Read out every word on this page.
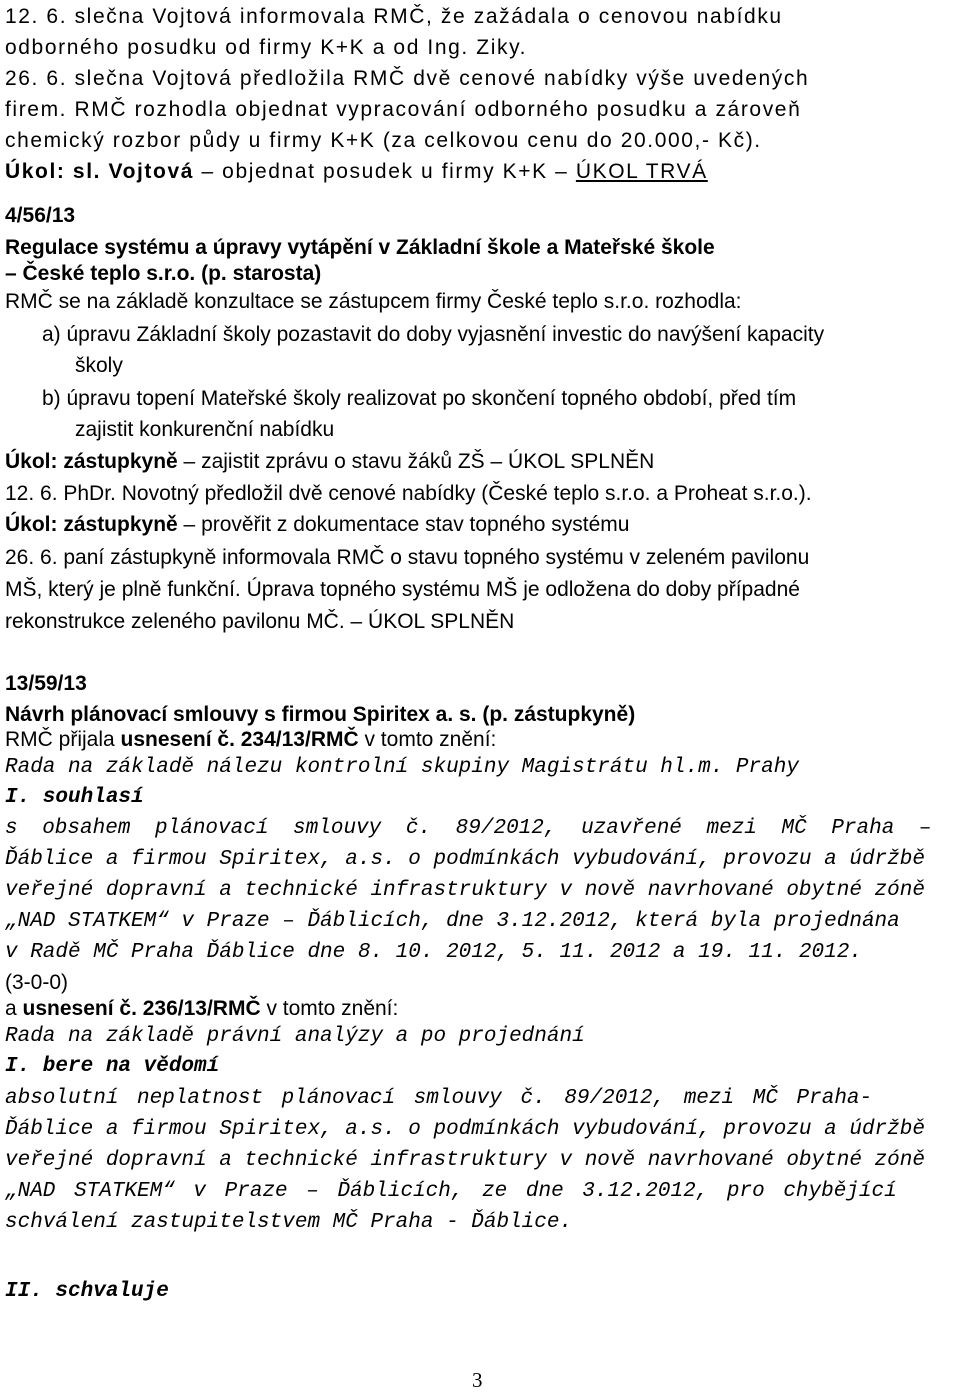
12. 6. slečna Vojtová informovala RMČ, že zažádala o cenovou nabídku
odborného posudku od firmy K+K a od Ing. Ziky.
26. 6. slečna Vojtová předložila RMČ dvě cenové nabídky výše uvedených
firem. RMČ rozhodla objednat vypracování odborného posudku a zároveň
chemický rozbor půdy u firmy K+K (za celkovou cenu do 20.000,- Kč).
Úkol: sl. Vojtová – objednat posudek u firmy K+K – ÚKOL TRVÁ
4/56/13
Regulace systému a úpravy vytápění v Základní škole a Mateřské škole
– České teplo s.r.o. (p. starosta)
RMČ se na základě konzultace se zástupcem firmy České teplo s.r.o. rozhodla:
a) úpravu Základní školy pozastavit do doby vyjasnění investic do navýšení kapacity
školy
b) úpravu topení Mateřské školy realizovat po skončení topného období, před tím
zajistit konkurenční nabídku
Úkol: zástupkyně – zajistit zprávu o stavu žáků ZŠ – ÚKOL SPLNĚN
12. 6. PhDr. Novotný předložil dvě cenové nabídky (České teplo s.r.o. a Proheat s.r.o.).
Úkol: zástupkyně – prověřit z dokumentace stav topného systému
26. 6. paní zástupkyně informovala RMČ o stavu topného systému v zeleném pavilonu
MŠ, který je plně funkční. Úprava topného systému MŠ je odložena do doby případné
rekonstrukce zeleného pavilonu MČ. – ÚKOL SPLNĚN
13/59/13
Návrh plánovací smlouvy s firmou Spiritex a. s. (p. zástupkyně)
RMČ přijala usnesení č. 234/13/RMČ v tomto znění:
Rada na základě nálezu kontrolní skupiny Magistrátu hl.m. Prahy
I. souhlasí
s obsahem plánovací smlouvy č. 89/2012, uzavřené mezi MČ Praha –
Ďáblice a firmou Spiritex, a.s. o podmínkách vybudování, provozu a údržbě
veřejné dopravní a technické infrastruktury v nově navrhované obytné zóně
„NAD STATKEM“ v Praze – Ďáblicích, dne 3.12.2012, která byla projednána
v Radě MČ Praha Ďáblice dne 8. 10. 2012, 5. 11. 2012 a 19. 11. 2012.
(3-0-0)
a usnesení č. 236/13/RMČ v tomto znění:
Rada na základě právní analýzy a po projednání
I. bere na vědomí
absolutní neplatnost plánovací smlouvy č. 89/2012, mezi MČ Praha-
Ďáblice a firmou Spiritex, a.s. o podmínkách vybudování, provozu a údržbě
veřejné dopravní a technické infrastruktury v nově navrhované obytné zóně
„NAD STATKEM“ v Praze – Ďáblicích, ze dne 3.12.2012, pro chybějící
schválení zastupitelstvem MČ Praha - Ďáblice.
II. schvaluje
3
